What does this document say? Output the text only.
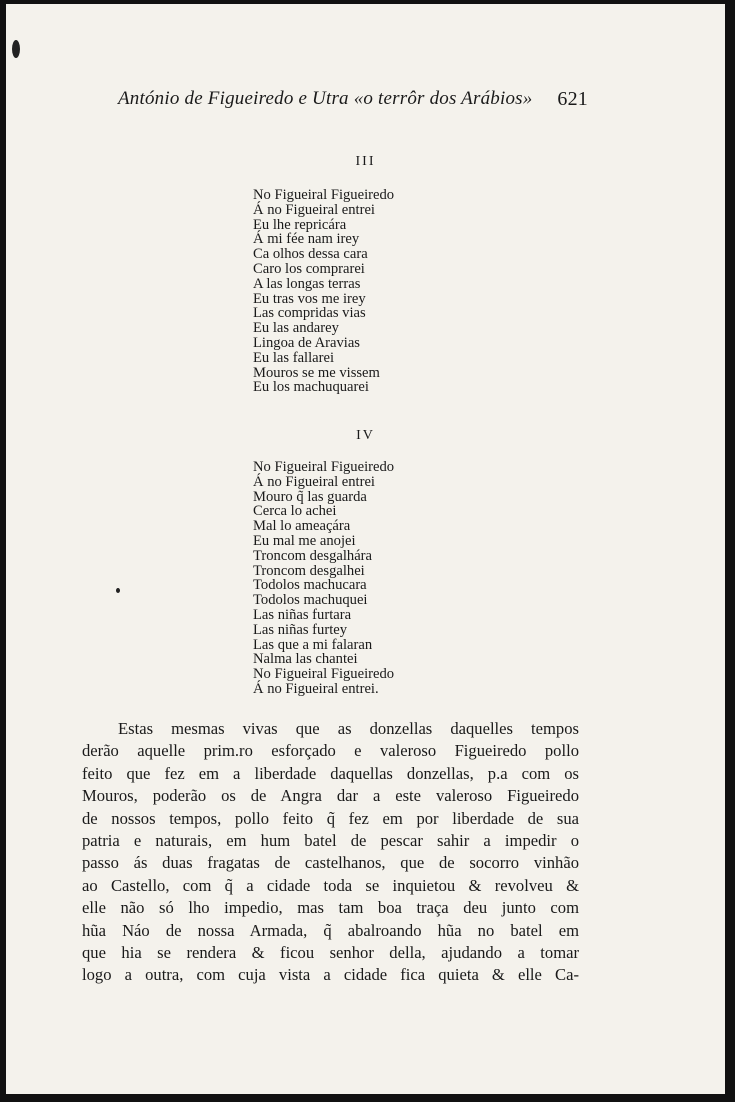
António de Figueiredo e Utra «o terrôr dos Arábios» 621
III
No Figueiral Figueiredo
Á no Figueiral entrei
Eu lhe repricára
Á mi fée nam irey
Ca olhos dessa cara
Caro los comprarei
A las longas terras
Eu tras vos me irey
Las compridas vias
Eu las andarey
Lingoa de Aravias
Eu las fallarei
Mouros se me vissem
Eu los machuquarei
IV
No Figueiral Figueiredo
Á no Figueiral entrei
Mouro q̃ las guarda
Cerca lo achei
Mal lo ameaçára
Eu mal me anojei
Troncom desgalhára
Troncom desgalhei
Todolos machucara
Todolos machuquei
Las niñas furtara
Las niñas furtey
Las que a mi falaran
Nalma las chantei
No Figueiral Figueiredo
Á no Figueiral entrei.
Estas mesmas vivas que as donzellas daquelles tempos
derão aquelle prim.ro esforçado e valeroso Figueiredo pollo
feito que fez em a liberdade daquellas donzellas, p.a com os
Mouros, poderão os de Angra dar a este valeroso Figueiredo
de nossos tempos, pollo feito q̃ fez em por liberdade de sua
patria e naturais, em hum batel de pescar sahir a impedir o
passo ás duas fragatas de castelhanos, que de socorro vinhão
ao Castello, com q̃ a cidade toda se inquietou & revolveu &
elle não só lho impedio, mas tam boa traça deu junto com
hũa Náo de nossa Armada, q̃ abalroando hũa no batel em
que hia se rendera & ficou senhor della, ajudando a tomar
logo a outra, com cuja vista a cidade fica quieta & elle Ca-
